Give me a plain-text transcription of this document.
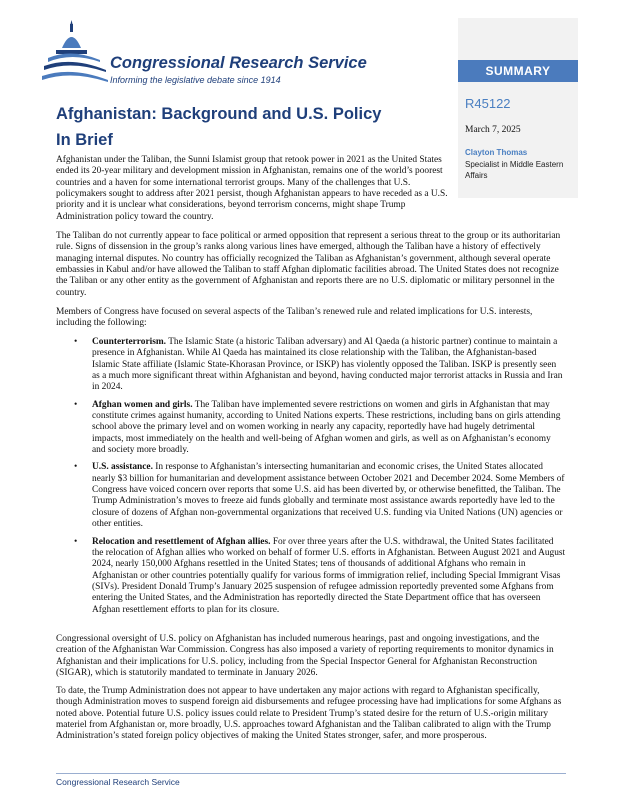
Congressional Research Service
Informing the legislative debate since 1914
SUMMARY
R45122
March 7, 2025
Clayton Thomas
Specialist in Middle Eastern Affairs
Afghanistan: Background and U.S. Policy In Brief

Afghanistan under the Taliban, the Sunni Islamist group that retook power in 2021 as the United States ended its 20-year military and development mission in Afghanistan, remains one of the world’s poorest countries and a haven for some international terrorist groups. Many of the challenges that U.S. policymakers sought to address after 2021 persist, though Afghanistan appears to have receded as a U.S. priority and it is unclear what considerations, beyond terrorism concerns, might shape Trump Administration policy toward the country.

The Taliban do not currently appear to face political or armed opposition that represent a serious threat to the group or its authoritarian rule. Signs of dissension in the group’s ranks along various lines have emerged, although the Taliban have a history of effectively managing internal disputes. No country has officially recognized the Taliban as Afghanistan’s government, although several operate embassies in Kabul and/or have allowed the Taliban to staff Afghan diplomatic facilities abroad. The United States does not recognize the Taliban or any other entity as the government of Afghanistan and reports there are no U.S. diplomatic or military personnel in the country.

Members of Congress have focused on several aspects of the Taliban’s renewed rule and related implications for U.S. interests, including the following:

• Counterterrorism. The Islamic State (a historic Taliban adversary) and Al Qaeda (a historic partner) continue to maintain a presence in Afghanistan. While Al Qaeda has maintained its close relationship with the Taliban, the Afghanistan-based Islamic State affiliate (Islamic State-Khorasan Province, or ISKP) has violently opposed the Taliban. ISKP is presently seen as a much more significant threat within Afghanistan and beyond, having conducted major terrorist attacks in Russia and Iran in 2024.
• Afghan women and girls. The Taliban have implemented severe restrictions on women and girls in Afghanistan that may constitute crimes against humanity, according to United Nations experts. These restrictions, including bans on girls attending school above the primary level and on women working in nearly any capacity, reportedly have had hugely detrimental impacts, most immediately on the health and well-being of Afghan women and girls, as well as on Afghanistan’s economy and society more broadly.
• U.S. assistance. In response to Afghanistan’s intersecting humanitarian and economic crises, the United States allocated nearly $3 billion for humanitarian and development assistance between October 2021 and December 2024. Some Members of Congress have voiced concern over reports that some U.S. aid has been diverted by, or otherwise benefitted, the Taliban. The Trump Administration’s moves to freeze aid funds globally and terminate most assistance awards reportedly have led to the closure of dozens of Afghan non-governmental organizations that received U.S. funding via United Nations (UN) agencies or other entities.
• Relocation and resettlement of Afghan allies. For over three years after the U.S. withdrawal, the United States facilitated the relocation of Afghan allies who worked on behalf of former U.S. efforts in Afghanistan. Between August 2021 and August 2024, nearly 150,000 Afghans resettled in the United States; tens of thousands of additional Afghans who remain in Afghanistan or other countries potentially qualify for various forms of immigration relief, including Special Immigrant Visas (SIVs). President Donald Trump’s January 2025 suspension of refugee admission reportedly prevented some Afghans from entering the United States, and the Administration has reportedly directed the State Department office that has overseen Afghan resettlement efforts to plan for its closure.

Congressional oversight of U.S. policy on Afghanistan has included numerous hearings, past and ongoing investigations, and the creation of the Afghanistan War Commission. Congress has also imposed a variety of reporting requirements to monitor dynamics in Afghanistan and their implications for U.S. policy, including from the Special Inspector General for Afghanistan Reconstruction (SIGAR), which is statutorily mandated to terminate in January 2026.

To date, the Trump Administration does not appear to have undertaken any major actions with regard to Afghanistan specifically, though Administration moves to suspend foreign aid disbursements and refugee processing have had implications for some Afghans as noted above. Potential future U.S. policy issues could relate to President Trump’s stated desire for the return of U.S.-origin military materiel from Afghanistan or, more broadly, U.S. approaches toward Afghanistan and the Taliban calibrated to align with the Trump Administration’s stated foreign policy objectives of making the United States stronger, safer, and more prosperous.

Congressional Research Service
